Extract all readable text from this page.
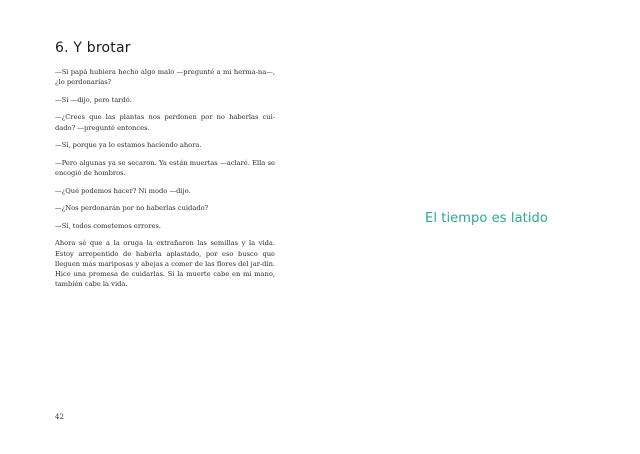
6. Y brotar

—Si papá hubiera hecho algo malo —pregunté a mi herma-na—, ¿lo perdonarías?

—Sí —dijo, pero tardó.

—¿Crees que las plantas nos perdonen por no haberlas cui-dado? —pregunté entonces.

—Sí, porque ya lo estamos haciendo ahora.

—Pero algunas ya se secaron. Ya están muertas —aclaré. Ella se encogió de hombros.

—¿Qué podemos hacer? Ni modo —dijo.

—¿Nos perdonarán por no haberlas cuidado?

—Sí, todos cometemos errores.

Ahora sé que a la oruga la extrañaron las semillas y la vida. Estoy arrepentido de haberla aplastado, por eso busco que lleguen más mariposas y abejas a comer de las flores del jar-dín. Hice una promesa de cuidarlas. Si la muerte cabe en mi mano, también cabe la vida.

42
El tiempo es latido
